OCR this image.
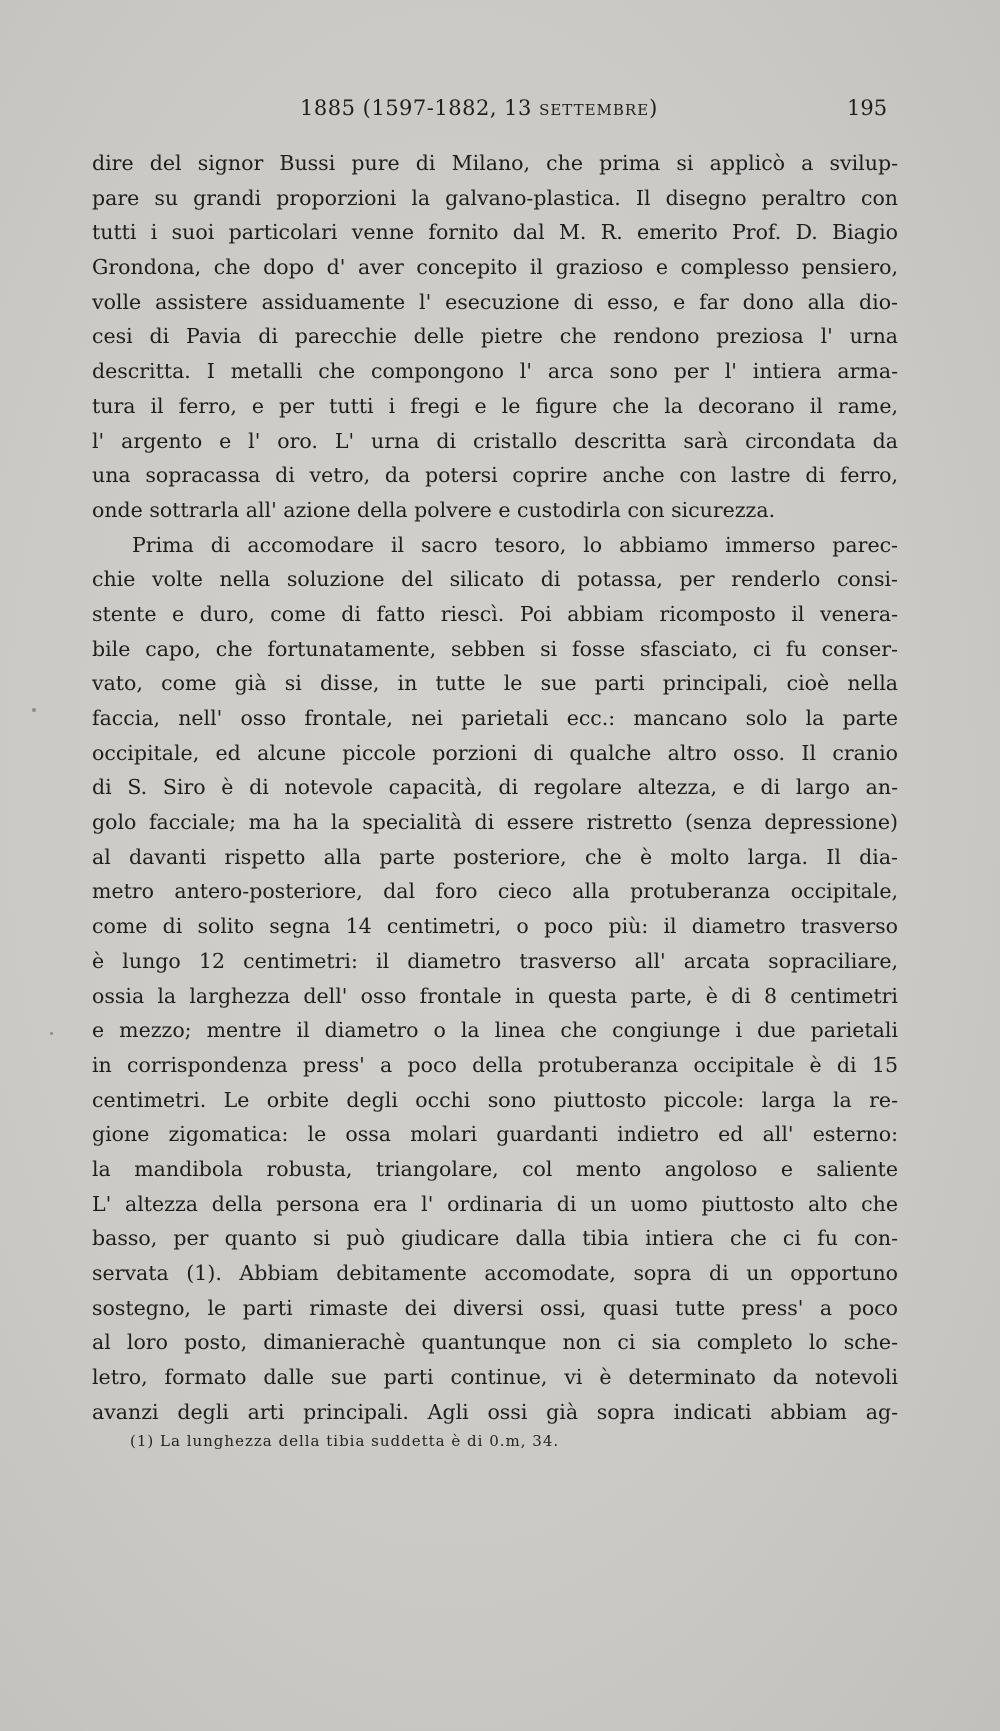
1885 (1597-1882, 13 SETTEMBRE)	195
dire del signor Bussi pure di Milano, che prima si applicò a svilup-
pare su grandi proporzioni la galvano-plastica. Il disegno peraltro con
tutti i suoi particolari venne fornito dal M. R. emerito Prof. D. Biagio
Grondona, che dopo d' aver concepito il grazioso e complesso pensiero,
volle assistere assiduamente l' esecuzione di esso, e far dono alla dio-
cesi di Pavia di parecchie delle pietre che rendono preziosa l' urna
descritta. I metalli che compongono l' arca sono per l' intiera arma-
tura il ferro, e per tutti i fregi e le figure che la decorano il rame,
l' argento e l' oro. L' urna di cristallo descritta sarà circondata da
una sopracassa di vetro, da potersi coprire anche con lastre di ferro,
onde sottrarla all' azione della polvere e custodirla con sicurezza.
Prima di accomodare il sacro tesoro, lo abbiamo immerso parec-
chie volte nella soluzione del silicato di potassa, per renderlo consi-
stente e duro, come di fatto riescì. Poi abbiam ricomposto il venera-
bile capo, che fortunatamente, sebben si fosse sfasciato, ci fu conser-
vato, come già si disse, in tutte le sue parti principali, cioè nella
faccia, nell' osso frontale, nei parietali ecc.: mancano solo la parte
occipitale, ed alcune piccole porzioni di qualche altro osso. Il cranio
di S. Siro è di notevole capacità, di regolare altezza, e di largo an-
golo facciale; ma ha la specialità di essere ristretto (senza depressione)
al davanti rispetto alla parte posteriore, che è molto larga. Il dia-
metro antero-posteriore, dal foro cieco alla protuberanza occipitale,
come di solito segna 14 centimetri, o poco più: il diametro trasverso
è lungo 12 centimetri: il diametro trasverso all' arcata sopraciliare,
ossia la larghezza dell' osso frontale in questa parte, è di 8 centimetri
e mezzo; mentre il diametro o la linea che congiunge i due parietali
in corrispondenza press' a poco della protuberanza occipitale è di 15
centimetri. Le orbite degli occhi sono piuttosto piccole: larga la re-
gione zigomatica: le ossa molari guardanti indietro ed all' esterno:
la mandibola robusta, triangolare, col mento angoloso e saliente
L' altezza della persona era l' ordinaria di un uomo piuttosto alto che
basso, per quanto si può giudicare dalla tibia intiera che ci fu con-
servata (1). Abbiam debitamente accomodate, sopra di un opportuno
sostegno, le parti rimaste dei diversi ossi, quasi tutte press' a poco
al loro posto, dimanierachè quantunque non ci sia completo lo sche-
letro, formato dalle sue parti continue, vi è determinato da notevoli
avanzi degli arti principali. Agli ossi già sopra indicati abbiam ag-
(1) La lunghezza della tibia suddetta è di 0.m, 34.
